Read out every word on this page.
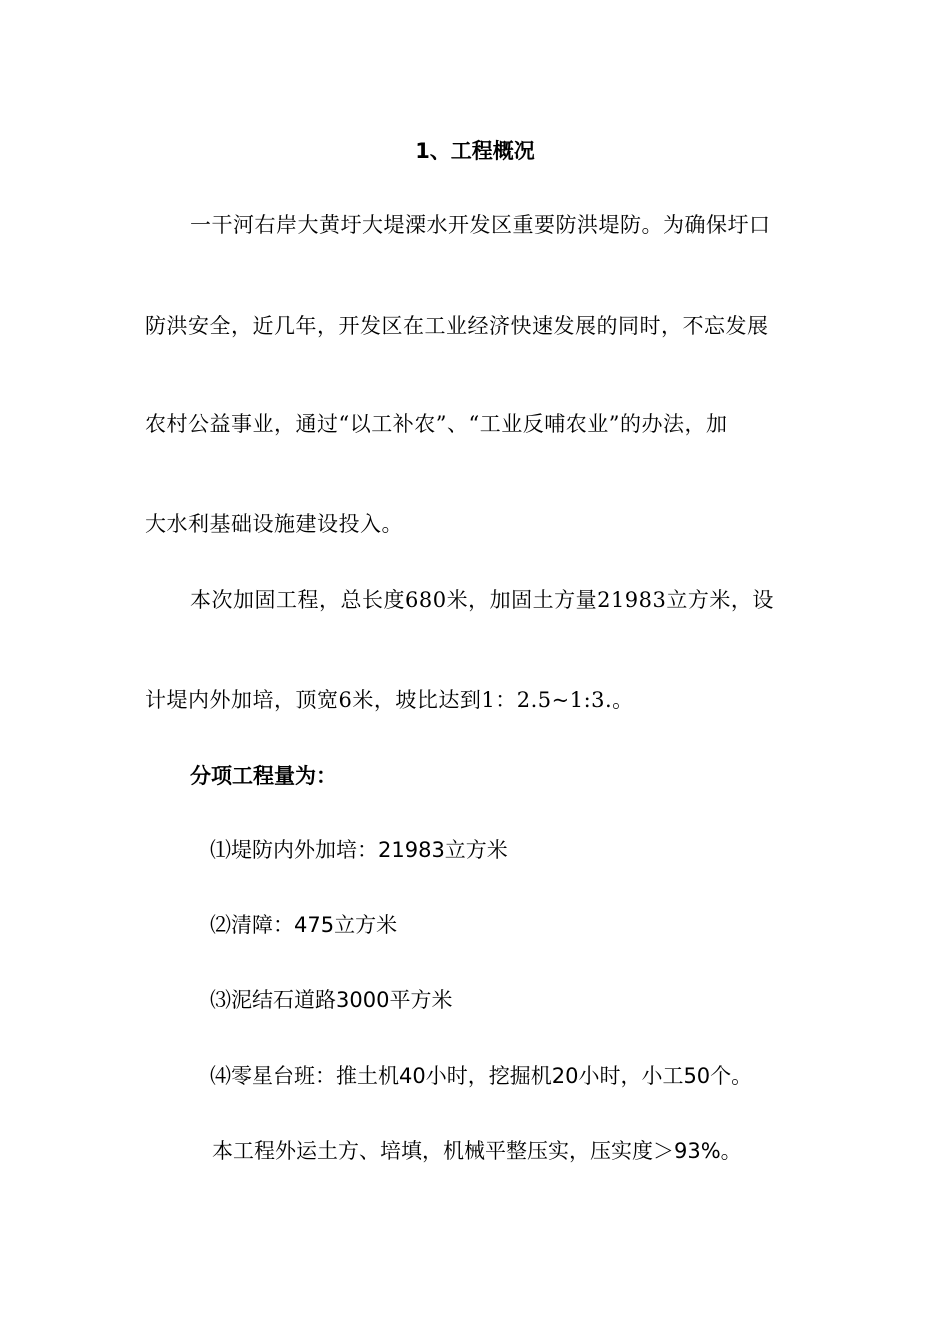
1、工程概况
一干河右岸大黄圩大堤溧水开发区重要防洪堤防。为确保圩口
防洪安全，近几年，开发区在工业经济快速发展的同时，不忘发展
农村公益事业，通过“以工补农”、“工业反哺农业”的办法，加
大水利基础设施建设投入。
本次加固工程，总长度680米，加固土方量21983立方米，设
计堤内外加培，顶宽6米，坡比达到1：2.5~1:3.。
分项工程量为：
⑴堤防内外加培：21983立方米
⑵清障：475立方米
⑶泥结石道路3000平方米
⑷零星台班：推土机40小时，挖掘机20小时，小工50个。
本工程外运土方、培填，机械平整压实，压实度＞93%。
